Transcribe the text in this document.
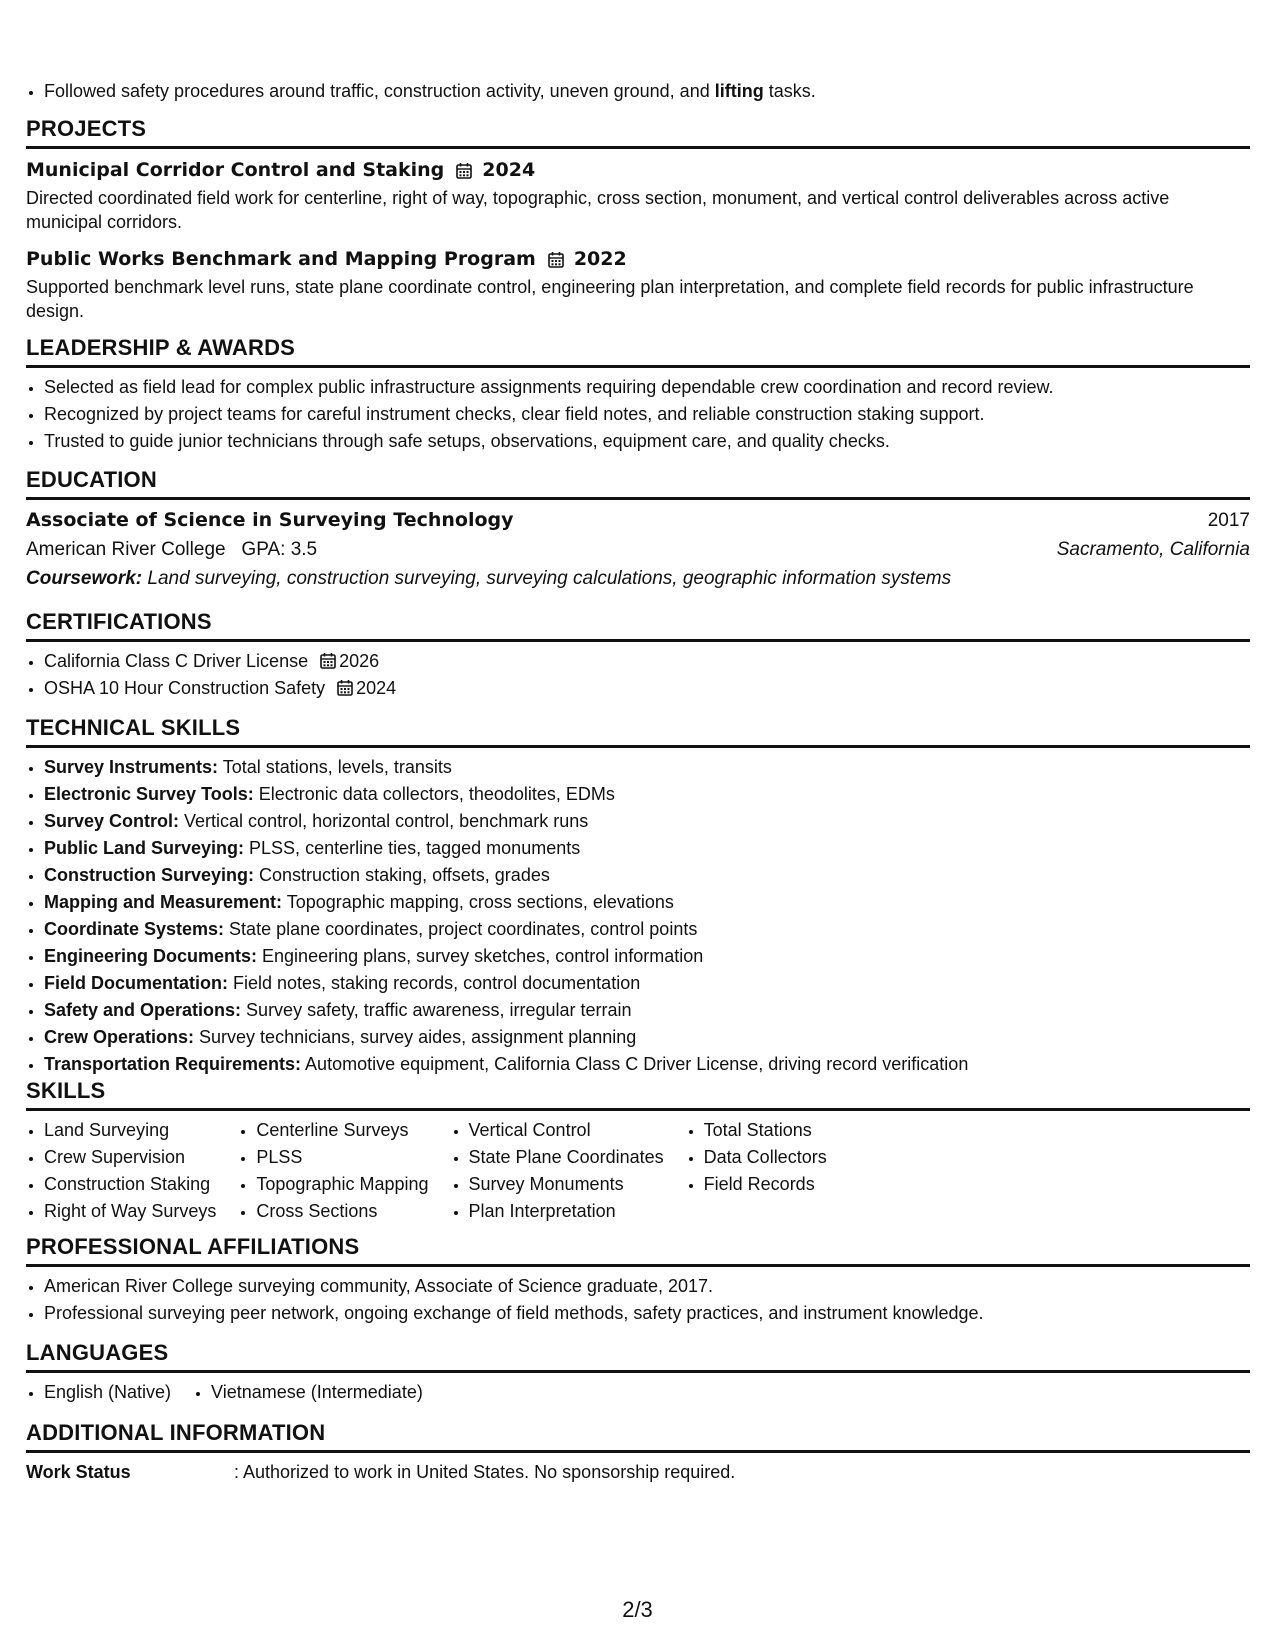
• Followed safety procedures around traffic, construction activity, uneven ground, and lifting tasks.
PROJECTS
Municipal Corridor Control and Staking 2024
Directed coordinated field work for centerline, right of way, topographic, cross section, monument, and vertical control deliverables across active municipal corridors.
Public Works Benchmark and Mapping Program 2022
Supported benchmark level runs, state plane coordinate control, engineering plan interpretation, and complete field records for public infrastructure design.
LEADERSHIP & AWARDS
• Selected as field lead for complex public infrastructure assignments requiring dependable crew coordination and record review.
• Recognized by project teams for careful instrument checks, clear field notes, and reliable construction staking support.
• Trusted to guide junior technicians through safe setups, observations, equipment care, and quality checks.
EDUCATION
Associate of Science in Surveying Technology	2017
American River College GPA: 3.5	Sacramento, California
Coursework: Land surveying, construction surveying, surveying calculations, geographic information systems
CERTIFICATIONS
• California Class C Driver License 2026
• OSHA 10 Hour Construction Safety 2024
TECHNICAL SKILLS
• Survey Instruments: Total stations, levels, transits
• Electronic Survey Tools: Electronic data collectors, theodolites, EDMs
• Survey Control: Vertical control, horizontal control, benchmark runs
• Public Land Surveying: PLSS, centerline ties, tagged monuments
• Construction Surveying: Construction staking, offsets, grades
• Mapping and Measurement: Topographic mapping, cross sections, elevations
• Coordinate Systems: State plane coordinates, project coordinates, control points
• Engineering Documents: Engineering plans, survey sketches, control information
• Field Documentation: Field notes, staking records, control documentation
• Safety and Operations: Survey safety, traffic awareness, irregular terrain
• Crew Operations: Survey technicians, survey aides, assignment planning
• Transportation Requirements: Automotive equipment, California Class C Driver License, driving record verification
SKILLS
• Land Surveying
• Crew Supervision
• Construction Staking
• Right of Way Surveys
• Centerline Surveys
• PLSS
• Topographic Mapping
• Cross Sections
• Vertical Control
• State Plane Coordinates
• Survey Monuments
• Plan Interpretation
• Total Stations
• Data Collectors
• Field Records
PROFESSIONAL AFFILIATIONS
• American River College surveying community, Associate of Science graduate, 2017.
• Professional surveying peer network, ongoing exchange of field methods, safety practices, and instrument knowledge.
LANGUAGES
• English (Native)
• Vietnamese (Intermediate)
ADDITIONAL INFORMATION
Work Status	: Authorized to work in United States. No sponsorship required.
2/3
